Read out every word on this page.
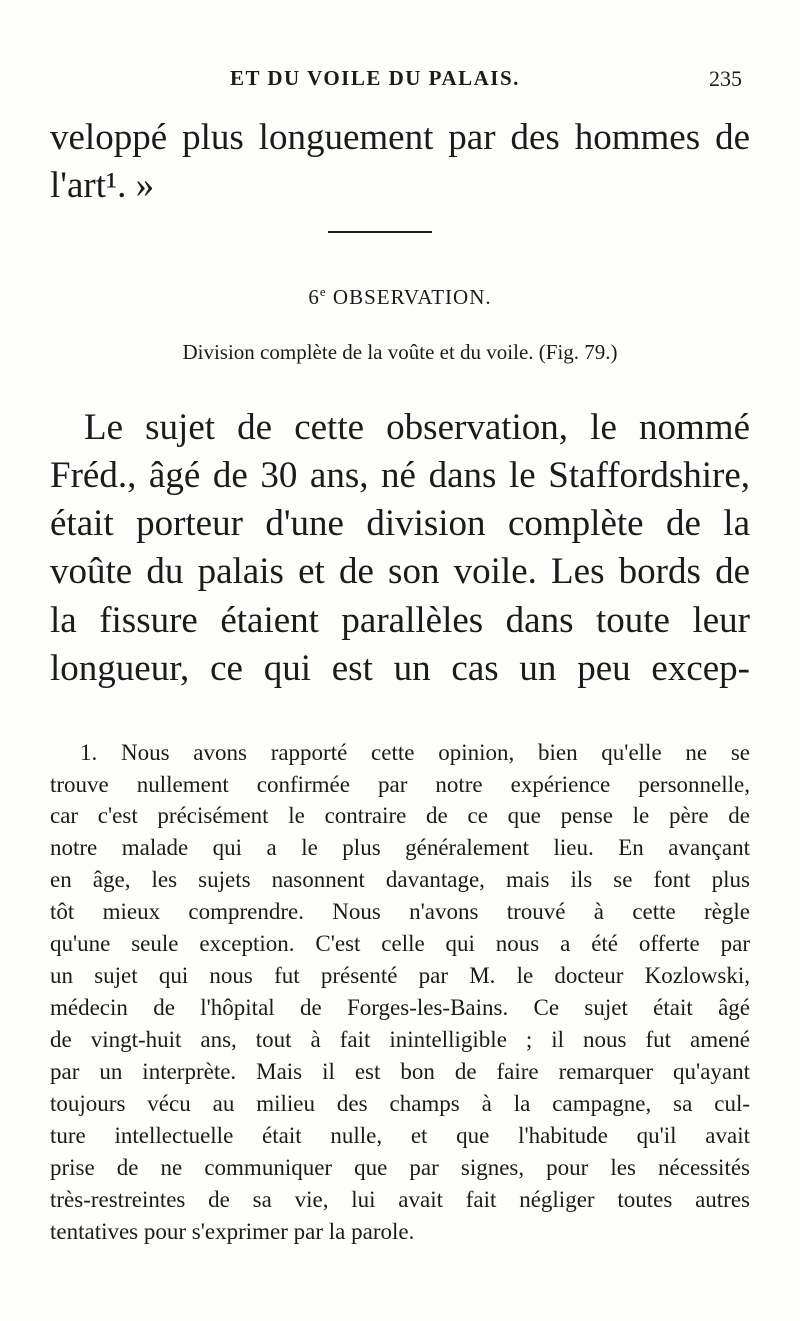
ET DU VOILE DU PALAIS.	235
veloppé plus longuement par des hommes de
l'art¹. »
6e OBSERVATION.
Division complète de la voûte et du voile. (Fig. 79.)
Le sujet de cette observation, le nommé
Fréd., âgé de 30 ans, né dans le Staffordshire,
était porteur d'une division complète de la
voûte du palais et de son voile. Les bords de
la fissure étaient parallèles dans toute leur
longueur, ce qui est un cas un peu excep-
1. Nous avons rapporté cette opinion, bien qu'elle ne se
trouve nullement confirmée par notre expérience personnelle,
car c'est précisément le contraire de ce que pense le père de
notre malade qui a le plus généralement lieu. En avançant
en âge, les sujets nasonnent davantage, mais ils se font plus
tôt mieux comprendre. Nous n'avons trouvé à cette règle
qu'une seule exception. C'est celle qui nous a été offerte par
un sujet qui nous fut présenté par M. le docteur Kozlowski,
médecin de l'hôpital de Forges-les-Bains. Ce sujet était âgé
de vingt-huit ans, tout à fait inintelligible ; il nous fut amené
par un interprète. Mais il est bon de faire remarquer qu'ayant
toujours vécu au milieu des champs à la campagne, sa cul-
ture intellectuelle était nulle, et que l'habitude qu'il avait
prise de ne communiquer que par signes, pour les nécessités
très-restreintes de sa vie, lui avait fait négliger toutes autres
tentatives pour s'exprimer par la parole.
